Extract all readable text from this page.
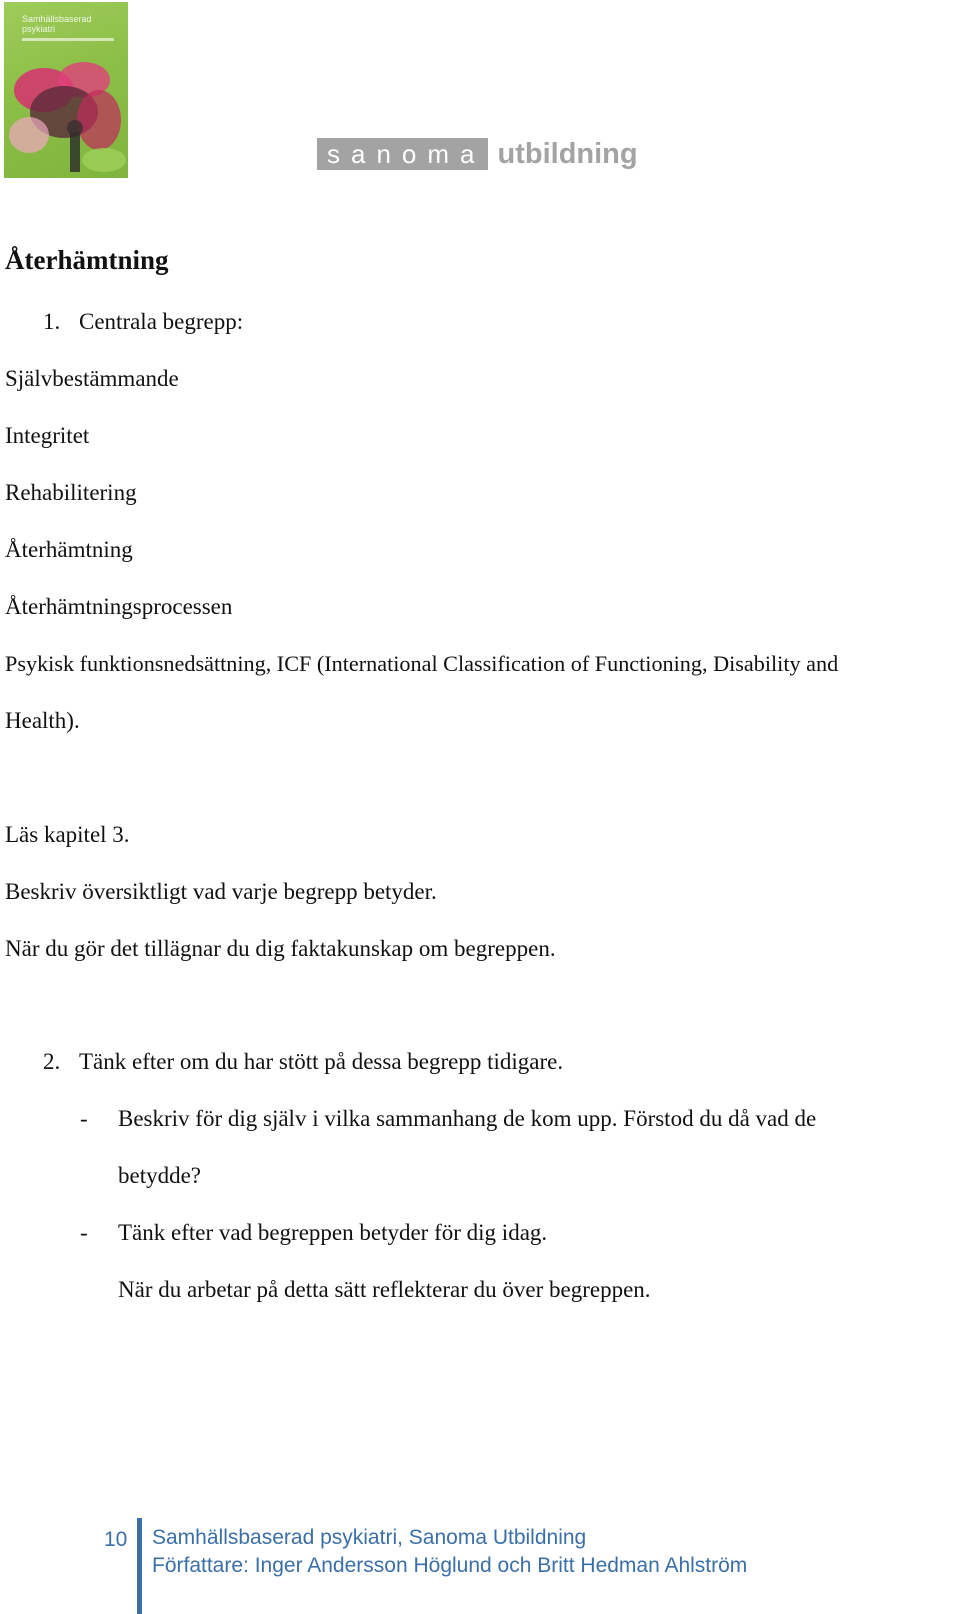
Samhällsbaserad psykiatri
sanoma utbildning
Återhämtning
1. Centrala begrepp:
Självbestämmande
Integritet
Rehabilitering
Återhämtning
Återhämtningsprocessen
Psykisk funktionsnedsättning, ICF (International Classification of Functioning, Disability and
Health).
Läs kapitel 3.
Beskriv översiktligt vad varje begrepp betyder.
När du gör det tillägnar du dig faktakunskap om begreppen.
2. Tänk efter om du har stött på dessa begrepp tidigare.
- Beskriv för dig själv i vilka sammanhang de kom upp. Förstod du då vad de
betydde?
- Tänk efter vad begreppen betyder för dig idag.
När du arbetar på detta sätt reflekterar du över begreppen.
10 Samhällsbaserad psykiatri, Sanoma Utbildning
Författare: Inger Andersson Höglund och Britt Hedman Ahlström
